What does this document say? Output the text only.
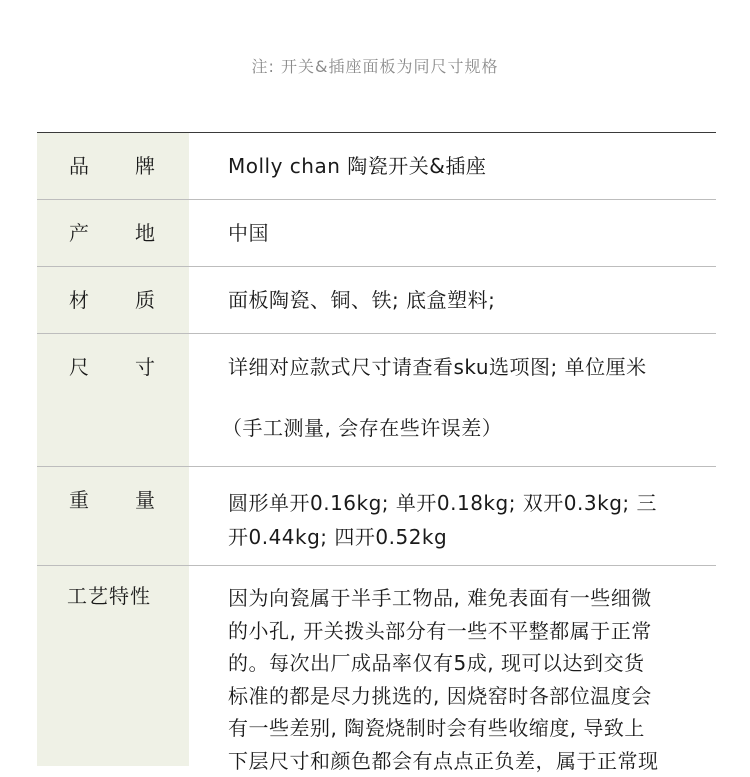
注: 开关&插座面板为同尺寸规格
品牌	Molly chan 陶瓷开关&插座
产地	中国
材质	面板陶瓷、铜、铁; 底盒塑料;
尺寸	详细对应款式尺寸请查看sku选项图; 单位厘米
（手工测量, 会存在些许误差）
重量	圆形单开0.16kg; 单开0.18kg; 双开0.3kg; 三
开0.44kg; 四开0.52kg
工艺特性	因为向瓷属于半手工物品, 难免表面有一些细微
的小孔, 开关拨头部分有一些不平整都属于正常
的。每次出厂成品率仅有5成, 现可以达到交货
标准的都是尽力挑选的, 因烧窑时各部位温度会
有一些差别, 陶瓷烧制时会有些收缩度, 导致上
下层尺寸和颜色都会有点点正负差，属于正常现
